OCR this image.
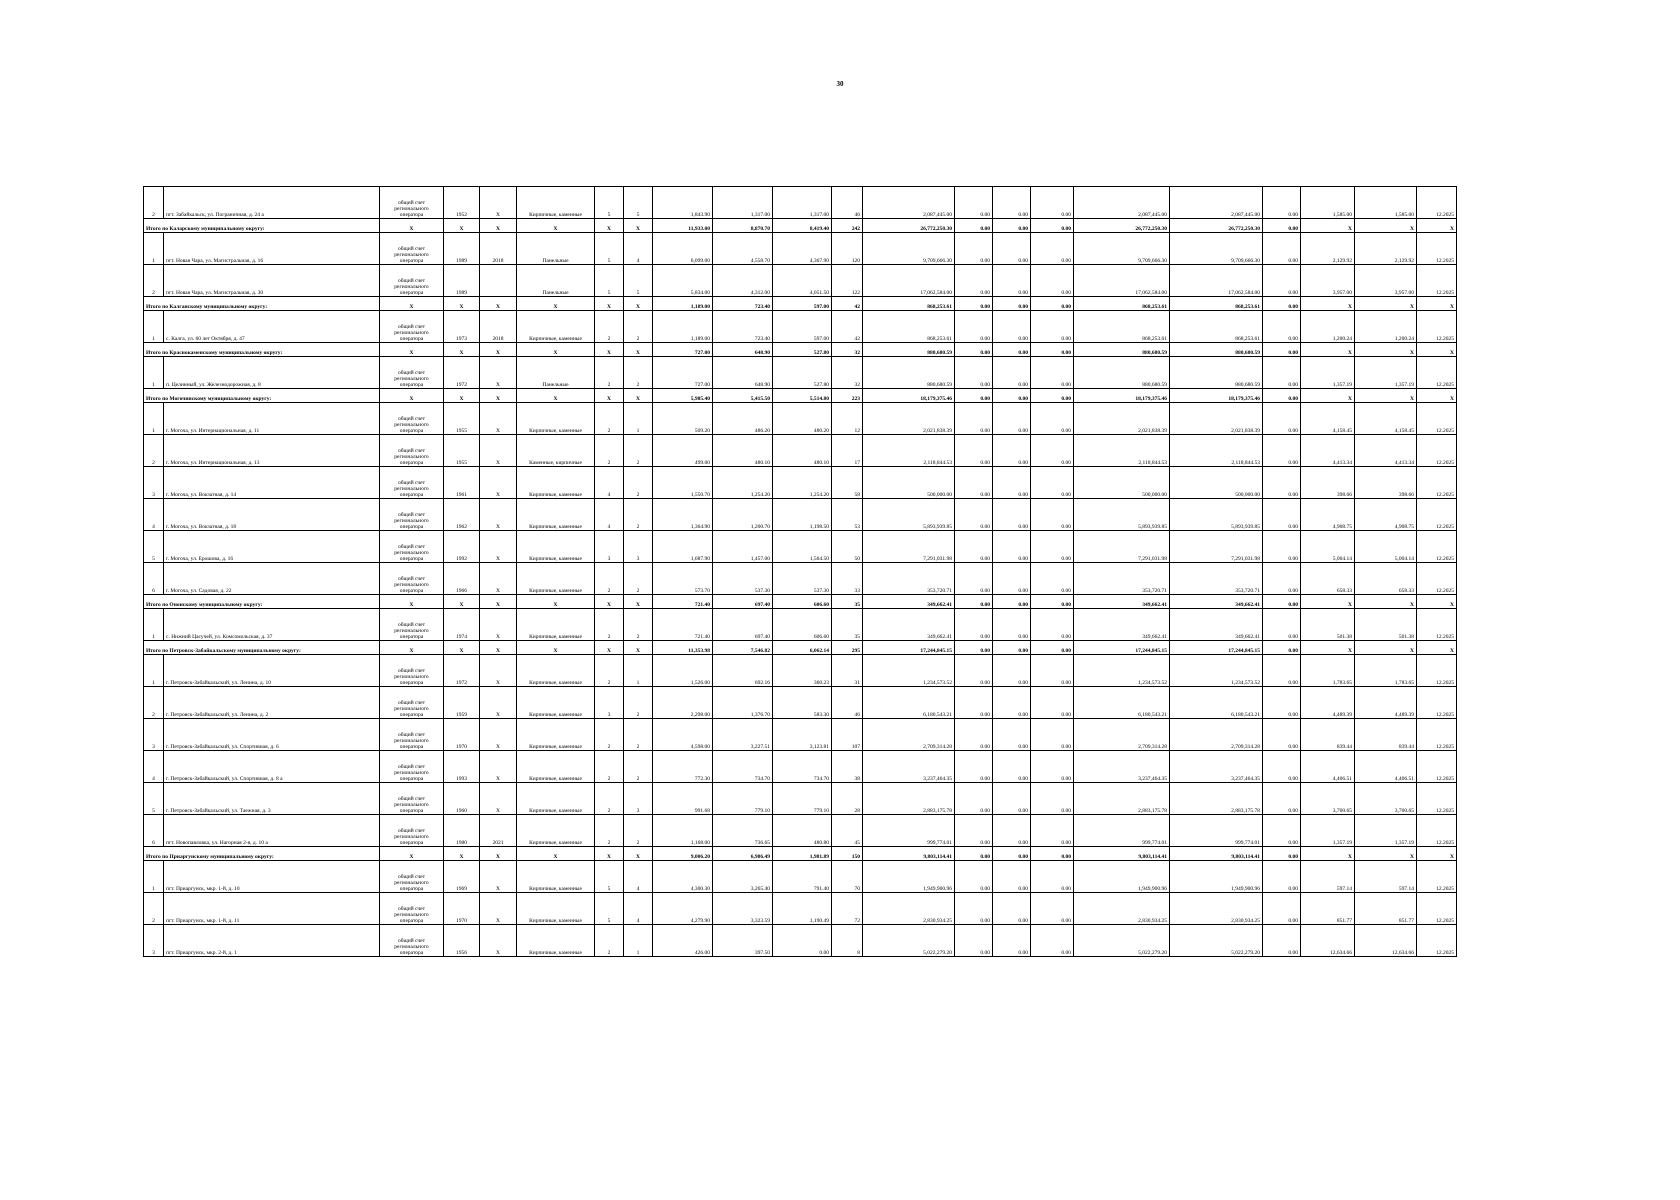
30
2	пгт. Забайкальск, ул. Пограничная, д. 24 а	общий счет регионального оператора	1952	Х	Кирпичные, каменные	5	5	1,843.90	1,317.00	1,317.00	46	2,087,445.00	0.00	0.00	0.00	2,087,445.00	2,087,445.00	0.00	1,585.00	1,585.00	12.2025
Итого по Каларскому муниципальному округу:		Х	Х	Х	Х	Х	Х	11,933.00	8,870.70	8,419.40	242	26,772,250.30	0.00	0.00	0.00	26,772,250.30	26,772,250.30	0.00	Х	Х	Х
1	пгт. Новая Чара, ул. Магистральная, д. 16	общий счет регионального оператора	1989	2018	Панельные	5	4	6,099.00	4,558.70	4,367.90	120	9,709,666.30	0.00	0.00	0.00	9,709,666.30	9,709,666.30	0.00	2,129.92	2,129.92	12.2025
2	пгт. Новая Чара, ул. Магистральная, д. 30	общий счет регионального оператора	1989		Панельные	5	5	5,834.00	4,312.00	4,051.50	122	17,062,584.00	0.00	0.00	0.00	17,062,584.00	17,062,584.00	0.00	3,957.00	3,957.00	12.2025
Итого по Калганскому муниципальному округу:		Х	Х	Х	Х	Х	Х	1,189.00	723.40	597.00	42	868,253.61	0.00	0.00	0.00	868,253.61	868,253.61	0.00	Х	Х	Х
1	с. Калга, ул. 60 лет Октября, д. 47	общий счет регионального оператора	1973	2018	Кирпичные, каменные	2	2	1,189.00	723.40	597.00	42	868,253.61	0.00	0.00	0.00	868,253.61	868,253.61	0.00	1,200.24	1,200.24	12.2025
Итого по Краснокаменскому муниципальному округу:		Х	Х	Х	Х	Х	Х	727.00	648.90	527.80	32	880,680.59	0.00	0.00	0.00	880,680.59	880,680.59	0.00	Х	Х	Х
1	п. Целинный, ул. Железнодорожная, д. 8	общий счет регионального оператора	1972	Х	Панельные	2	2	727.00	648.90	527.80	32	880,680.59	0.00	0.00	0.00	880,680.59	880,680.59	0.00	1,357.19	1,357.19	12.2025
Итого по Могочинскому муниципальному округу:		Х	Х	Х	Х	Х	Х	5,985.40	5,415.50	5,514.80	223	18,179,375.46	0.00	0.00	0.00	18,179,375.46	18,179,375.46	0.00	Х	Х	Х
1	г. Могоча, ул. Интернациональная, д. 11	общий счет регионального оператора	1955	Х	Кирпичные, каменные	2	1	509.20	486.20	480.20	12	2,021,838.39	0.00	0.00	0.00	2,021,838.39	2,021,838.39	0.00	4,158.45	4,158.45	12.2025
2	г. Могоча, ул. Интернациональная, д. 13	общий счет регионального оператора	1955	Х	Каменные, кирпичные	2	2	499.00	480.10	480.10	17	2,118,844.53	0.00	0.00	0.00	2,118,844.53	2,118,844.53	0.00	4,413.34	4,413.34	12.2025
3	г. Могоча, ул. Вокзатная, д. 14	общий счет регионального оператора	1961	Х	Кирпичные, каменные	4	2	1,550.70	1,254.20	1,254.20	58	500,000.00	0.00	0.00	0.00	500,000.00	500,000.00	0.00	398.66	398.66	12.2025
4	г. Могоча, ул. Вокзатная, д. 18	общий счет регионального оператора	1962	Х	Кирпичные, каменные	4	2	1,364.90	1,200.70	1,198.50	53	5,893,939.85	0.00	0.00	0.00	5,893,939.85	5,893,939.85	0.00	4,908.75	4,908.75	12.2025
5	г. Могоча, ул. Ерошова, д. 16	общий счет регионального оператора	1992	Х	Кирпичные, каменные	3	3	1,687.90	1,457.00	1,564.50	50	7,291,031.98	0.00	0.00	0.00	7,291,031.98	7,291,031.98	0.00	5,004.14	5,004.14	12.2025
6	г. Могоча, ул. Садовая, д. 22	общий счет регионального оператора	1966	Х	Кирпичные, каменные	2	2	573.70	537.30	537.30	33	353,720.71	0.00	0.00	0.00	353,720.71	353,720.71	0.00	658.33	658.33	12.2025
Итого по Ононскому муниципальному округу:		Х	Х	Х	Х	Х	Х	721.40	697.40	606.60	35	349,662.41	0.00	0.00	0.00	349,662.41	349,662.41	0.00	Х	Х	Х
1	с. Нижний Цасучей, ул. Комсомольская, д. 37	общий счет регионального оператора	1974	Х	Кирпичные, каменные	2	2	721.40	697.40	606.60	35	349,662.41	0.00	0.00	0.00	349,662.41	349,662.41	0.00	501.38	501.38	12.2025
Итого по Петровск-Забайкальскому муниципальному округу:		Х	Х	Х	Х	Х	Х	11,353.98	7,546.82	6,062.14	295	17,244,845.15	0.00	0.00	0.00	17,244,845.15	17,244,845.15	0.00	Х	Х	Х
1	г. Петровск-Забайкальский, ул. Ленина, д. 10	общий счет регионального оператора	1972	Х	Кирпичные, каменные	2	1	1,526.00	692.16	360.23	31	1,234,573.52	0.00	0.00	0.00	1,234,573.52	1,234,573.52	0.00	1,783.65	1,783.65	12.2025
2	г. Петровск-Забайкальский, ул. Ленина, д. 2	общий счет регионального оператора	1959	Х	Кирпичные, каменные	3	2	2,298.00	1,376.70	583.30	46	6,180,543.21	0.00	0.00	0.00	6,180,543.21	6,180,543.21	0.00	4,489.39	4,489.39	12.2025
3	г. Петровск-Забайкальский, ул. Спортивная, д. 6	общий счет регионального оператора	1970	Х	Кирпичные, каменные	2	2	4,598.00	3,227.51	3,123.81	107	2,709,314.28	0.00	0.00	0.00	2,709,314.28	2,709,314.28	0.00	839.44	839.44	12.2025
4	г. Петровск-Забайкальский, ул. Спортивная, д. 8 а	общий счет регионального оператора	1993	Х	Кирпичные, каменные	2	2	772.30	734.70	734.70	38	3,237,464.35	0.00	0.00	0.00	3,237,464.35	3,237,464.35	0.00	4,406.51	4,406.51	12.2025
5	г. Петровск-Забайкальский, ул. Таежная, д. 3	общий счет регионального оператора	1960	Х	Кирпичные, каменные	2	3	991.68	779.10	779.10	28	2,883,175.78	0.00	0.00	0.00	2,883,175.78	2,883,175.78	0.00	3,700.65	3,700.65	12.2025
6	пгт. Новопавловка, ул. Нагорная 2-я, д. 10 а	общий счет регионального оператора	1980	2021	Кирпичные, каменные	2	2	1,168.00	736.65	480.80	45	999,774.01	0.00	0.00	0.00	999,774.01	999,774.01	0.00	1,357.19	1,357.19	12.2025
Итого по Приаргунскому муниципальному округу:		Х	Х	Х	Х	Х	Х	9,006.20	6,986.49	1,981.89	150	9,803,114.41	0.00	0.00	0.00	9,803,114.41	9,803,114.41	0.00	Х	Х	Х
1	пгт. Приаргунск, мкр. 1-й, д. 10	общий счет регионального оператора	1969	Х	Кирпичные, каменные	5	4	4,300.30	3,265.40	791.40	70	1,949,900.96	0.00	0.00	0.00	1,949,900.96	1,949,900.96	0.00	597.14	597.14	12.2025
2	пгт. Приаргунск, мкр. 1-й, д. 11	общий счет регионального оператора	1970	Х	Кирпичные, каменные	5	4	4,279.90	3,323.59	1,190.49	72	2,830,934.25	0.00	0.00	0.00	2,830,934.25	2,830,934.25	0.00	851.77	851.77	12.2025
3	пгт. Приаргунск, мкр. 2-й, д. 1	общий счет регионального оператора	1956	Х	Кирпичные, каменные	2	1	426.00	397.50	0.00	8	5,022,279.20	0.00	0.00	0.00	5,022,279.20	5,022,279.20	0.00	12,634.66	12,634.66	12.2025
